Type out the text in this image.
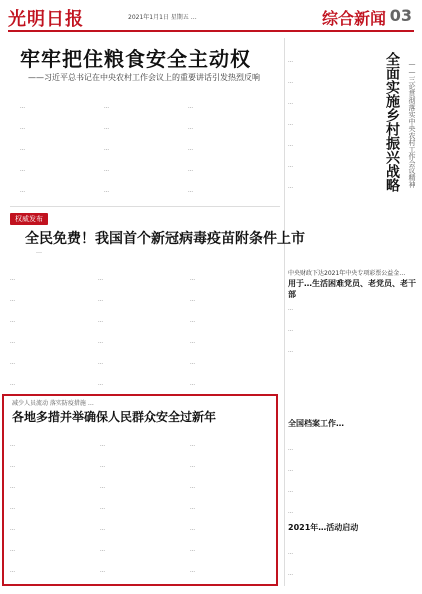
光明日报	2021年1月1日 星期五 …	综合新闻 03
牢牢把住粮食安全主动权
——习近平总书记在中央农村工作会议上的重要讲话引发热烈反响

…

…

…

…

…

…

…

…

…

…

…

…

…

…

…

	全面实施乡村振兴战略	——三论贯彻落实中央农村工作会议精神

…

…

…

…

…

…

…

权威发布
全民免费！我国首个新冠病毒疫苗附条件上市
…

…

…

…

…

…

…

…

…

…

…

…

…

…

…

…

…

…

…

中央财政下达2021年中央专项彩票公益金…
用于…生活困难党员、老党员、老干部

…

…

…

…

全国档案工作…

…

…

…

…

2021年…活动启动

…

…

减少人员流动 落实防疫措施 …
各地多措并举确保人民群众安全过新年

…

…

…

…

…

…

…

…

…

…

…

…

…

…

…

…

…

…

…

…

…
